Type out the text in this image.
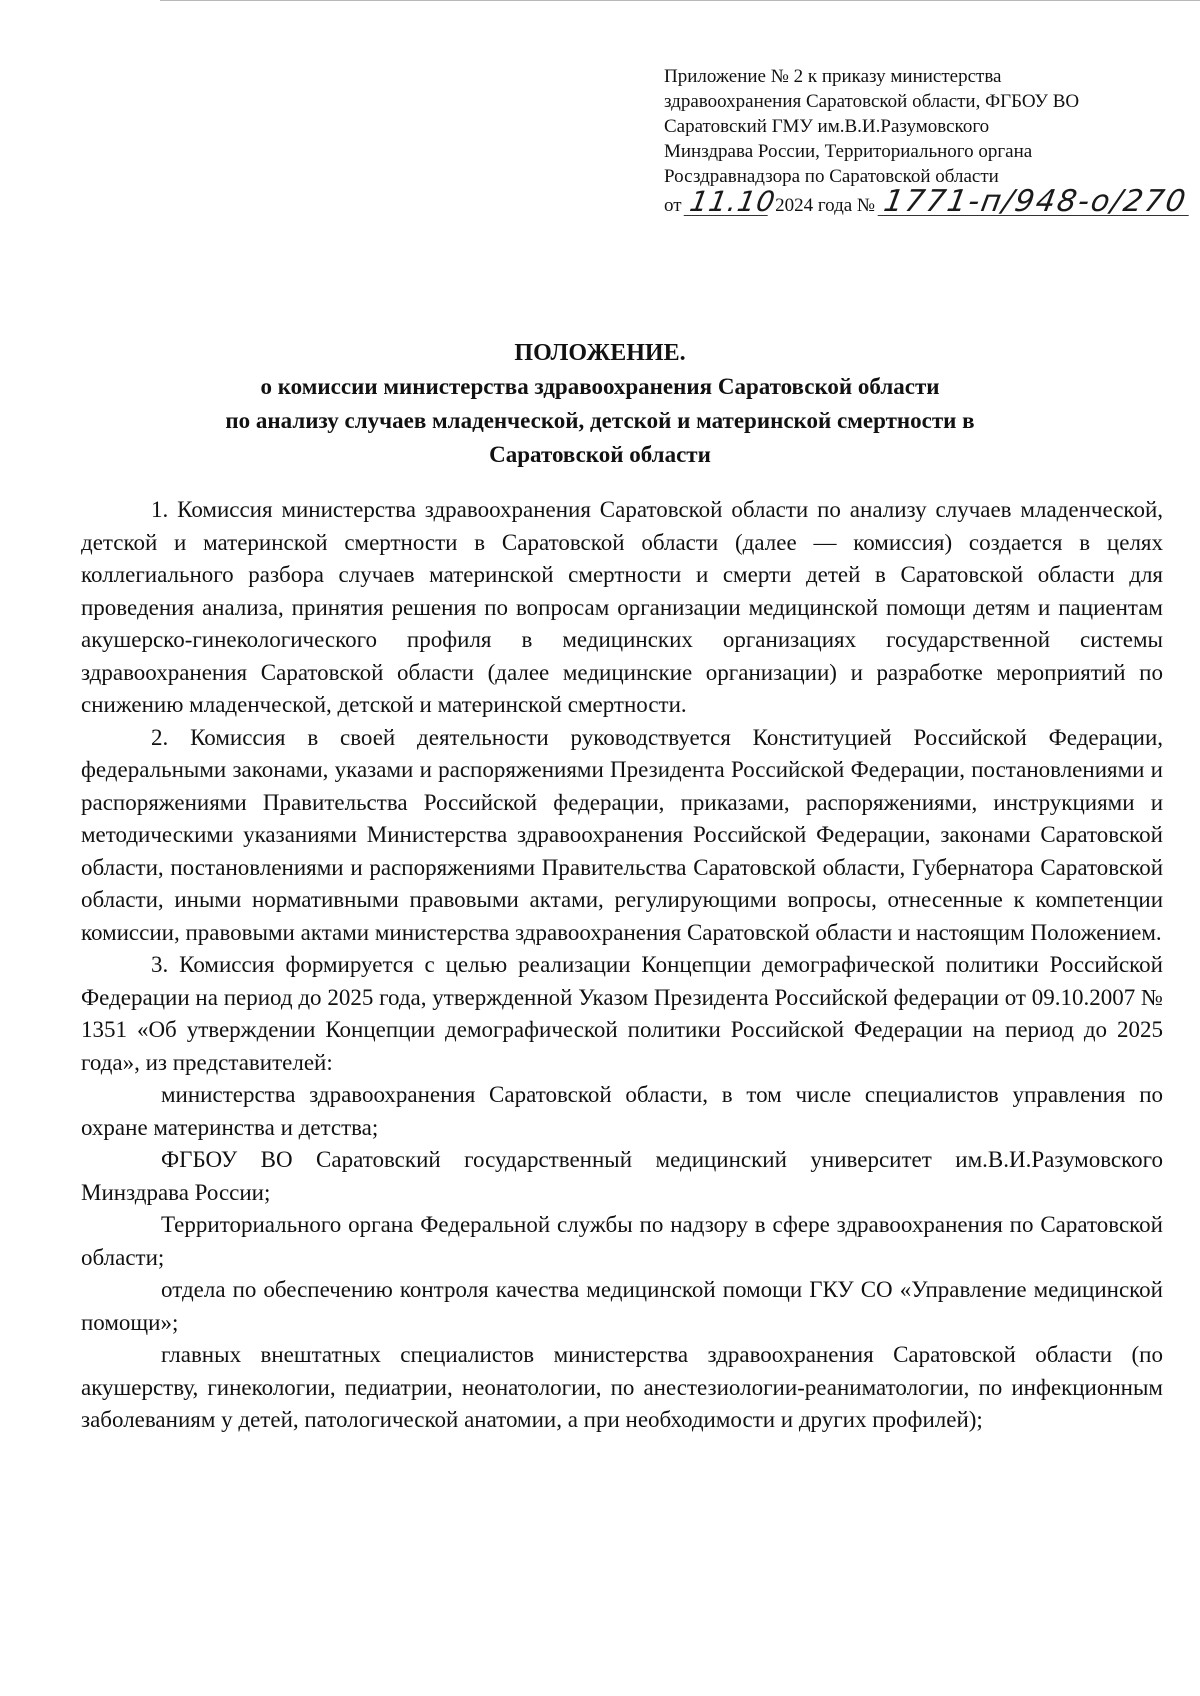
Приложение № 2 к приказу министерства
здравоохранения Саратовской области, ФГБОУ ВО
Саратовский ГМУ им.В.И.Разумовского
Минздрава России, Территориального органа
Росздравнадзора по Саратовской области
от
11.10

2024 года №
1771-п/948-о/270
ПОЛОЖЕНИЕ.
о комиссии министерства здравоохранения Саратовской области
по анализу случаев младенческой, детской и материнской смертности в
Саратовской области

1. Комиссия министерства здравоохранения Саратовской области по анализу случаев младенческой, детской и материнской смертности в Саратовской области (далее — комиссия) создается в целях коллегиального разбора случаев материнской смертности и смерти детей в Саратовской области для проведения анализа, принятия решения по вопросам организации медицинской помощи детям и пациентам акушерско-гинекологического профиля в медицинских организациях государственной системы здравоохранения Саратовской области (далее медицинские организации) и разработке мероприятий по снижению младенческой, детской и материнской смертности.

2. Комиссия в своей деятельности руководствуется Конституцией Российской Федерации, федеральными законами, указами и распоряжениями Президента Российской Федерации, постановлениями и распоряжениями Правительства Российской федерации, приказами, распоряжениями, инструкциями и методическими указаниями Министерства здравоохранения Российской Федерации, законами Саратовской области, постановлениями и распоряжениями Правительства Саратовской области, Губернатора Саратовской области, иными нормативными правовыми актами, регулирующими вопросы, отнесенные к компетенции комиссии, правовыми актами министерства здравоохранения Саратовской области и настоящим Положением.

3. Комиссия формируется с целью реализации Концепции демографической политики Российской Федерации на период до 2025 года, утвержденной Указом Президента Российской федерации от 09.10.2007 № 1351 «Об утверждении Концепции демографической политики Российской Федерации на период до 2025 года», из представителей:

министерства здравоохранения Саратовской области, в том числе специалистов управления по охране материнства и детства;

ФГБОУ ВО Саратовский государственный медицинский университет им.В.И.Разумовского Минздрава России;

Территориального органа Федеральной службы по надзору в сфере здравоохранения по Саратовской области;

отдела по обеспечению контроля качества медицинской помощи ГКУ СО «Управление медицинской помощи»;

главных внештатных специалистов министерства здравоохранения Саратовской области (по акушерству, гинекологии, педиатрии, неонатологии, по анестезиологии-реаниматологии, по инфекционным заболеваниям у детей, патологической анатомии, а при необходимости и других профилей);
